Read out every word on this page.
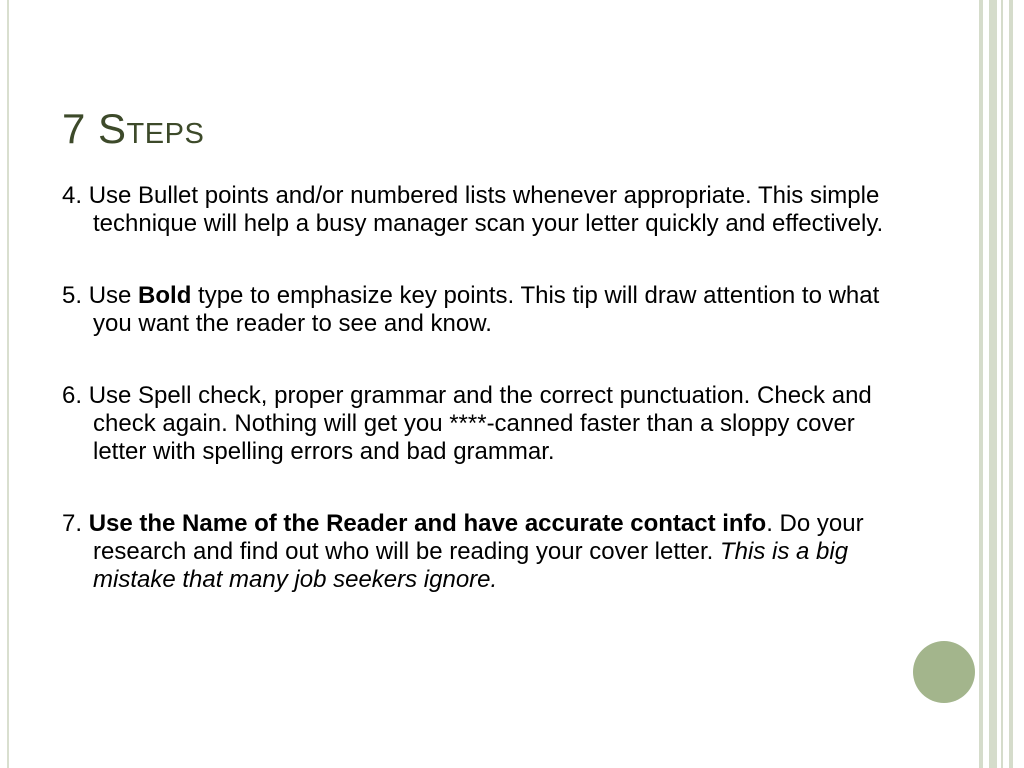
7 Steps
4. Use Bullet points and/or numbered lists whenever appropriate. This simple technique will help a busy manager scan your letter quickly and effectively.
5. Use Bold type to emphasize key points. This tip will draw attention to what you want the reader to see and know.
6. Use Spell check, proper grammar and the correct punctuation. Check and check again. Nothing will get you ****-canned faster than a sloppy cover letter with spelling errors and bad grammar.
7. Use the Name of the Reader and have accurate contact info. Do your research and find out who will be reading your cover letter. This is a big mistake that many job seekers ignore.
